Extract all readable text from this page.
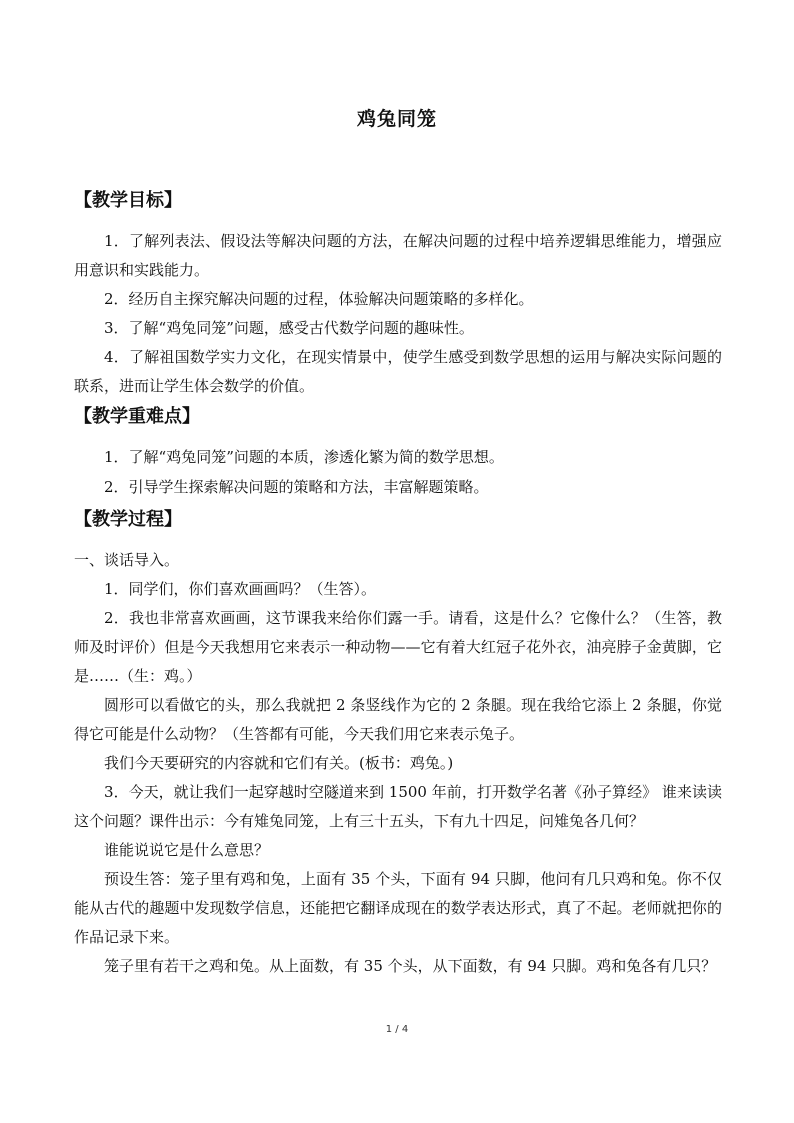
鸡兔同笼
【教学目标】
1．了解列表法、假设法等解决问题的方法，在解决问题的过程中培养逻辑思维能力，增强应用意识和实践能力。
2．经历自主探究解决问题的过程，体验解决问题策略的多样化。
3．了解“鸡兔同笼”问题，感受古代数学问题的趣味性。
4．了解祖国数学实力文化，在现实情景中，使学生感受到数学思想的运用与解决实际问题的联系，进而让学生体会数学的价值。
【教学重难点】
1．了解“鸡兔同笼”问题的本质，渗透化繁为简的数学思想。
2．引导学生探索解决问题的策略和方法，丰富解题策略。
【教学过程】
一、谈话导入。
1．同学们，你们喜欢画画吗？（生答）。
2．我也非常喜欢画画，这节课我来给你们露一手。请看，这是什么？它像什么？（生答，教师及时评价）但是今天我想用它来表示一种动物——它有着大红冠子花外衣，油亮脖子金黄脚，它是……（生：鸡。）
圆形可以看做它的头，那么我就把 2 条竖线作为它的 2 条腿。现在我给它添上 2 条腿，你觉得它可能是什么动物？（生答都有可能，今天我们用它来表示兔子。
我们今天要研究的内容就和它们有关。(板书：鸡兔。)
3．今天，就让我们一起穿越时空隧道来到 1500 年前，打开数学名著《孙子算经》 谁来读读这个问题？课件出示：今有雉兔同笼，上有三十五头，下有九十四足，问雉兔各几何？
谁能说说它是什么意思？
预设生答：笼子里有鸡和兔，上面有 35 个头，下面有 94 只脚，他问有几只鸡和兔。你不仅能从古代的趣题中发现数学信息，还能把它翻译成现在的数学表达形式，真了不起。老师就把你的作品记录下来。
笼子里有若干之鸡和兔。从上面数，有 35 个头，从下面数，有 94 只脚。鸡和兔各有几只？
1 / 4
